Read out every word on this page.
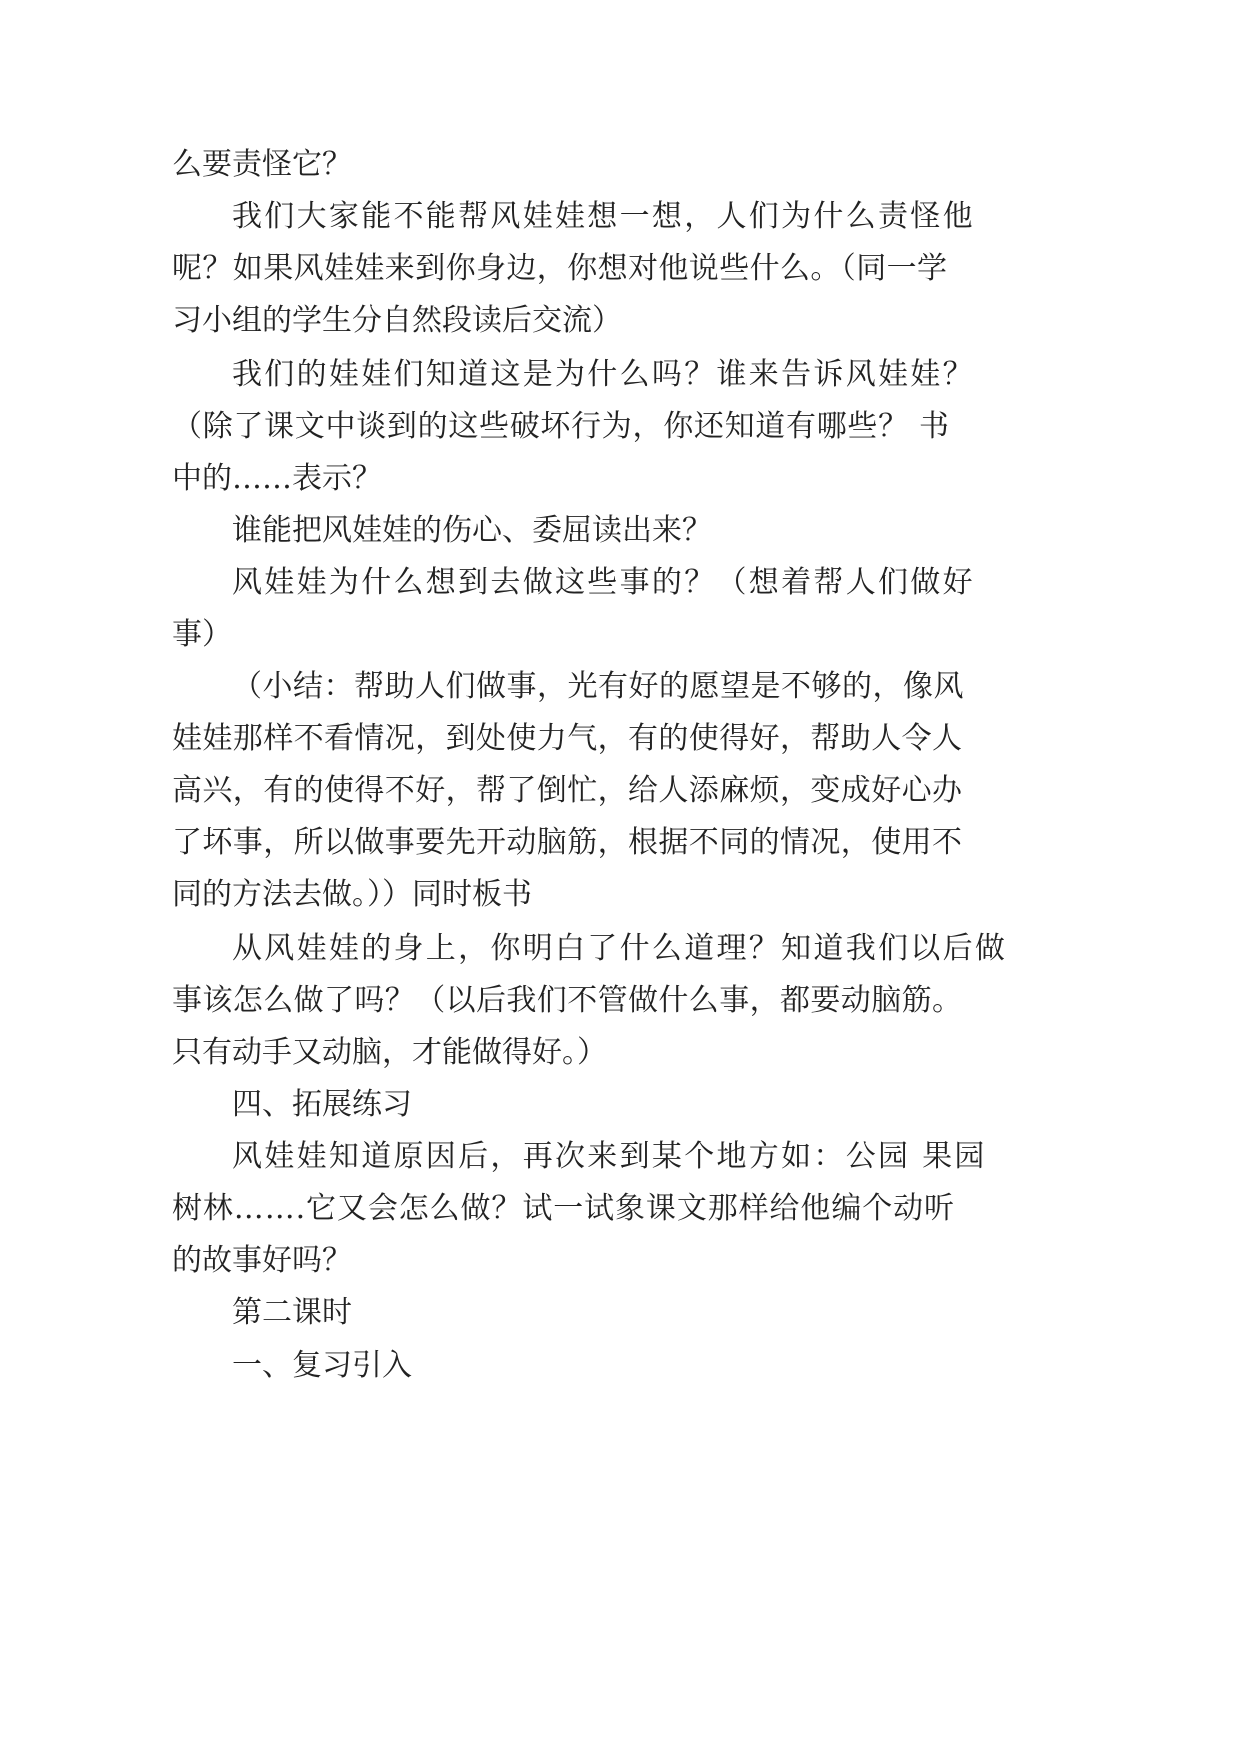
么要责怪它？
我们大家能不能帮风娃娃想一想，人们为什么责怪他
呢？如果风娃娃来到你身边，你想对他说些什么。（同一学
习小组的学生分自然段读后交流）
我们的娃娃们知道这是为什么吗？谁来告诉风娃娃？
（除了课文中谈到的这些破坏行为，你还知道有哪些？ 书
中的……表示？
谁能把风娃娃的伤心、委屈读出来？
风娃娃为什么想到去做这些事的？（想着帮人们做好
事）
（小结：帮助人们做事，光有好的愿望是不够的，像风
娃娃那样不看情况，到处使力气，有的使得好，帮助人令人
高兴，有的使得不好，帮了倒忙，给人添麻烦，变成好心办
了坏事，所以做事要先开动脑筋，根据不同的情况，使用不
同的方法去做。））同时板书
从风娃娃的身上，你明白了什么道理？知道我们以后做
事该怎么做了吗？（以后我们不管做什么事，都要动脑筋。
只有动手又动脑，才能做得好。）
四、拓展练习
风娃娃知道原因后，再次来到某个地方如：公园 果园
树林…….它又会怎么做？试一试象课文那样给他编个动听
的故事好吗？
第二课时
一、复习引入
